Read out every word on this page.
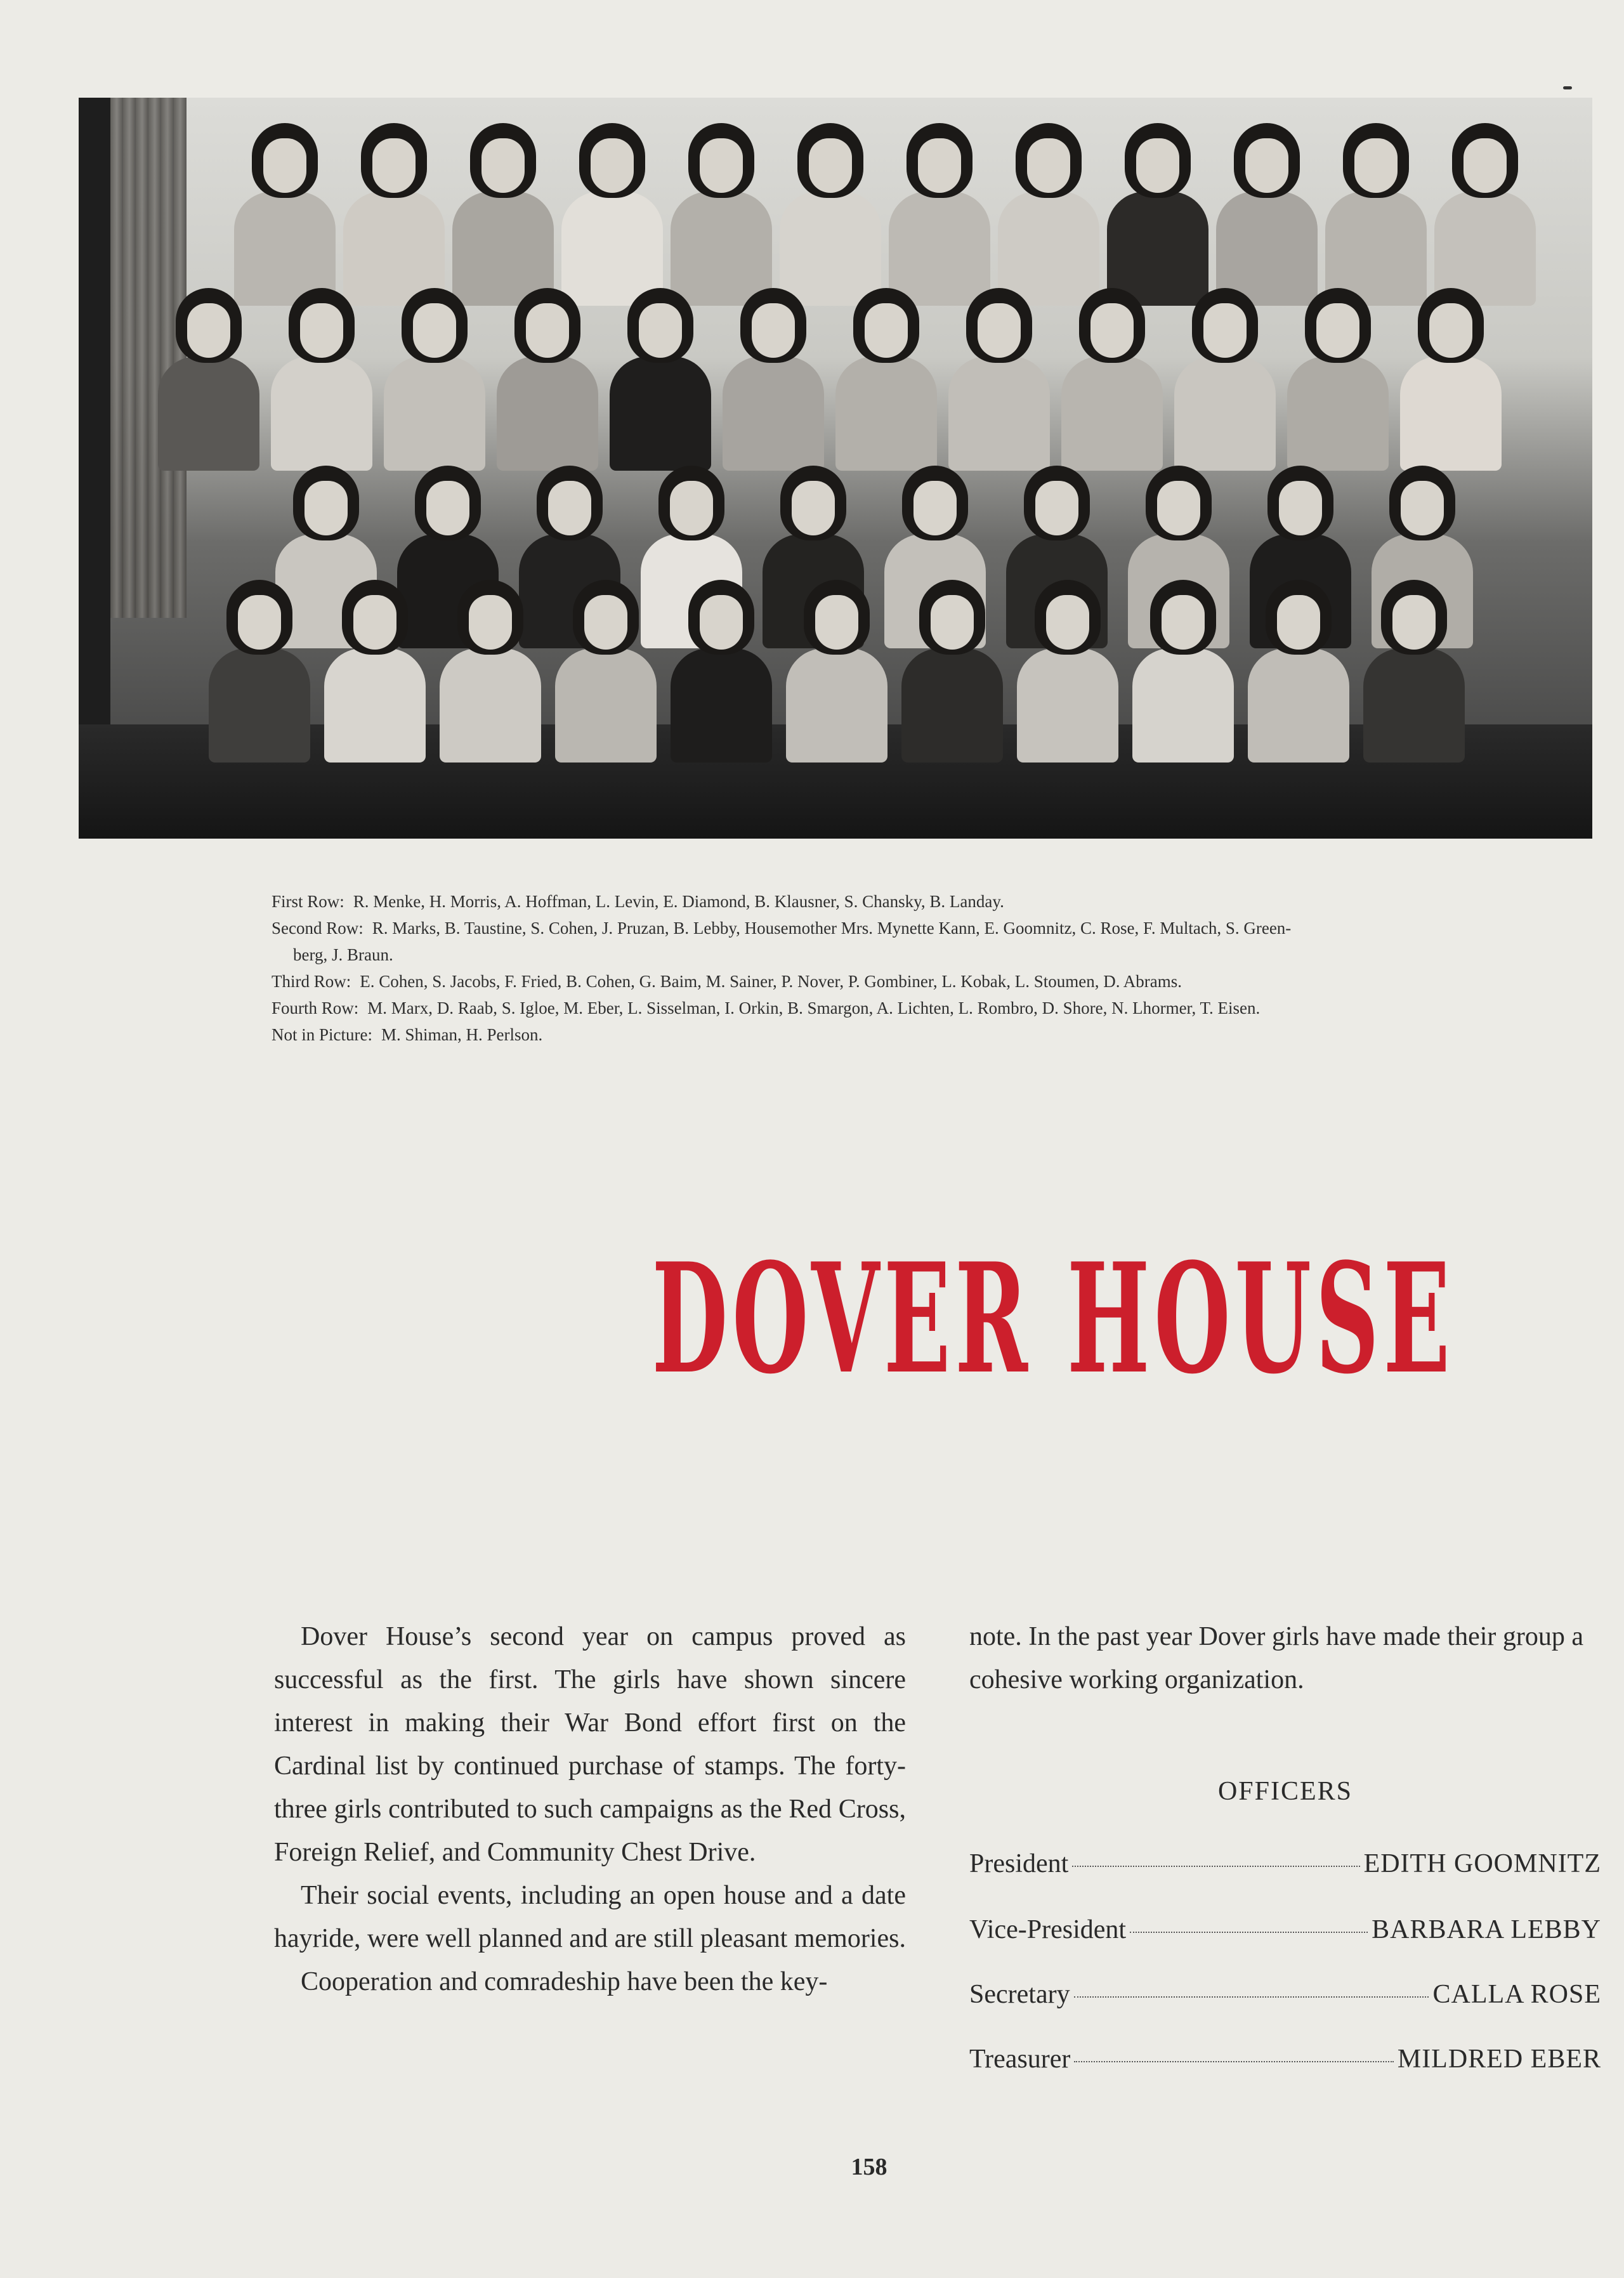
First Row: R. Menke, H. Morris, A. Hoffman, L. Levin, E. Diamond, B. Klausner, S. Chansky, B. Landay.

Second Row: R. Marks, B. Taustine, S. Cohen, J. Pruzan, B. Lebby, Housemother Mrs. Mynette Kann, E. Goomnitz, C. Rose, F. Multach, S. Green-

berg, J. Braun.

Third Row: E. Cohen, S. Jacobs, F. Fried, B. Cohen, G. Baim, M. Sainer, P. Nover, P. Gombiner, L. Kobak, L. Stoumen, D. Abrams.

Fourth Row: M. Marx, D. Raab, S. Igloe, M. Eber, L. Sisselman, I. Orkin, B. Smargon, A. Lichten, L. Rombro, D. Shore, N. Lhormer, T. Eisen.

Not in Picture: M. Shiman, H. Perlson.

DOVER HOUSE

Dover House’s second year on campus proved as successful as the first. The girls have shown sincere interest in making their War Bond effort first on the Cardinal list by continued purchase of stamps. The forty-three girls contributed to such campaigns as the Red Cross, Foreign Relief, and Community Chest Drive.

Their social events, including an open house and a date hayride, were well planned and are still pleasant memories.

Cooperation and comradeship have been the key-

note. In the past year Dover girls have made their group a cohesive working organization.

OFFICERS
President	EDITH GOOMNITZ
Vice-President	BARBARA LEBBY
Secretary	CALLA ROSE
Treasurer	MILDRED EBER
158
